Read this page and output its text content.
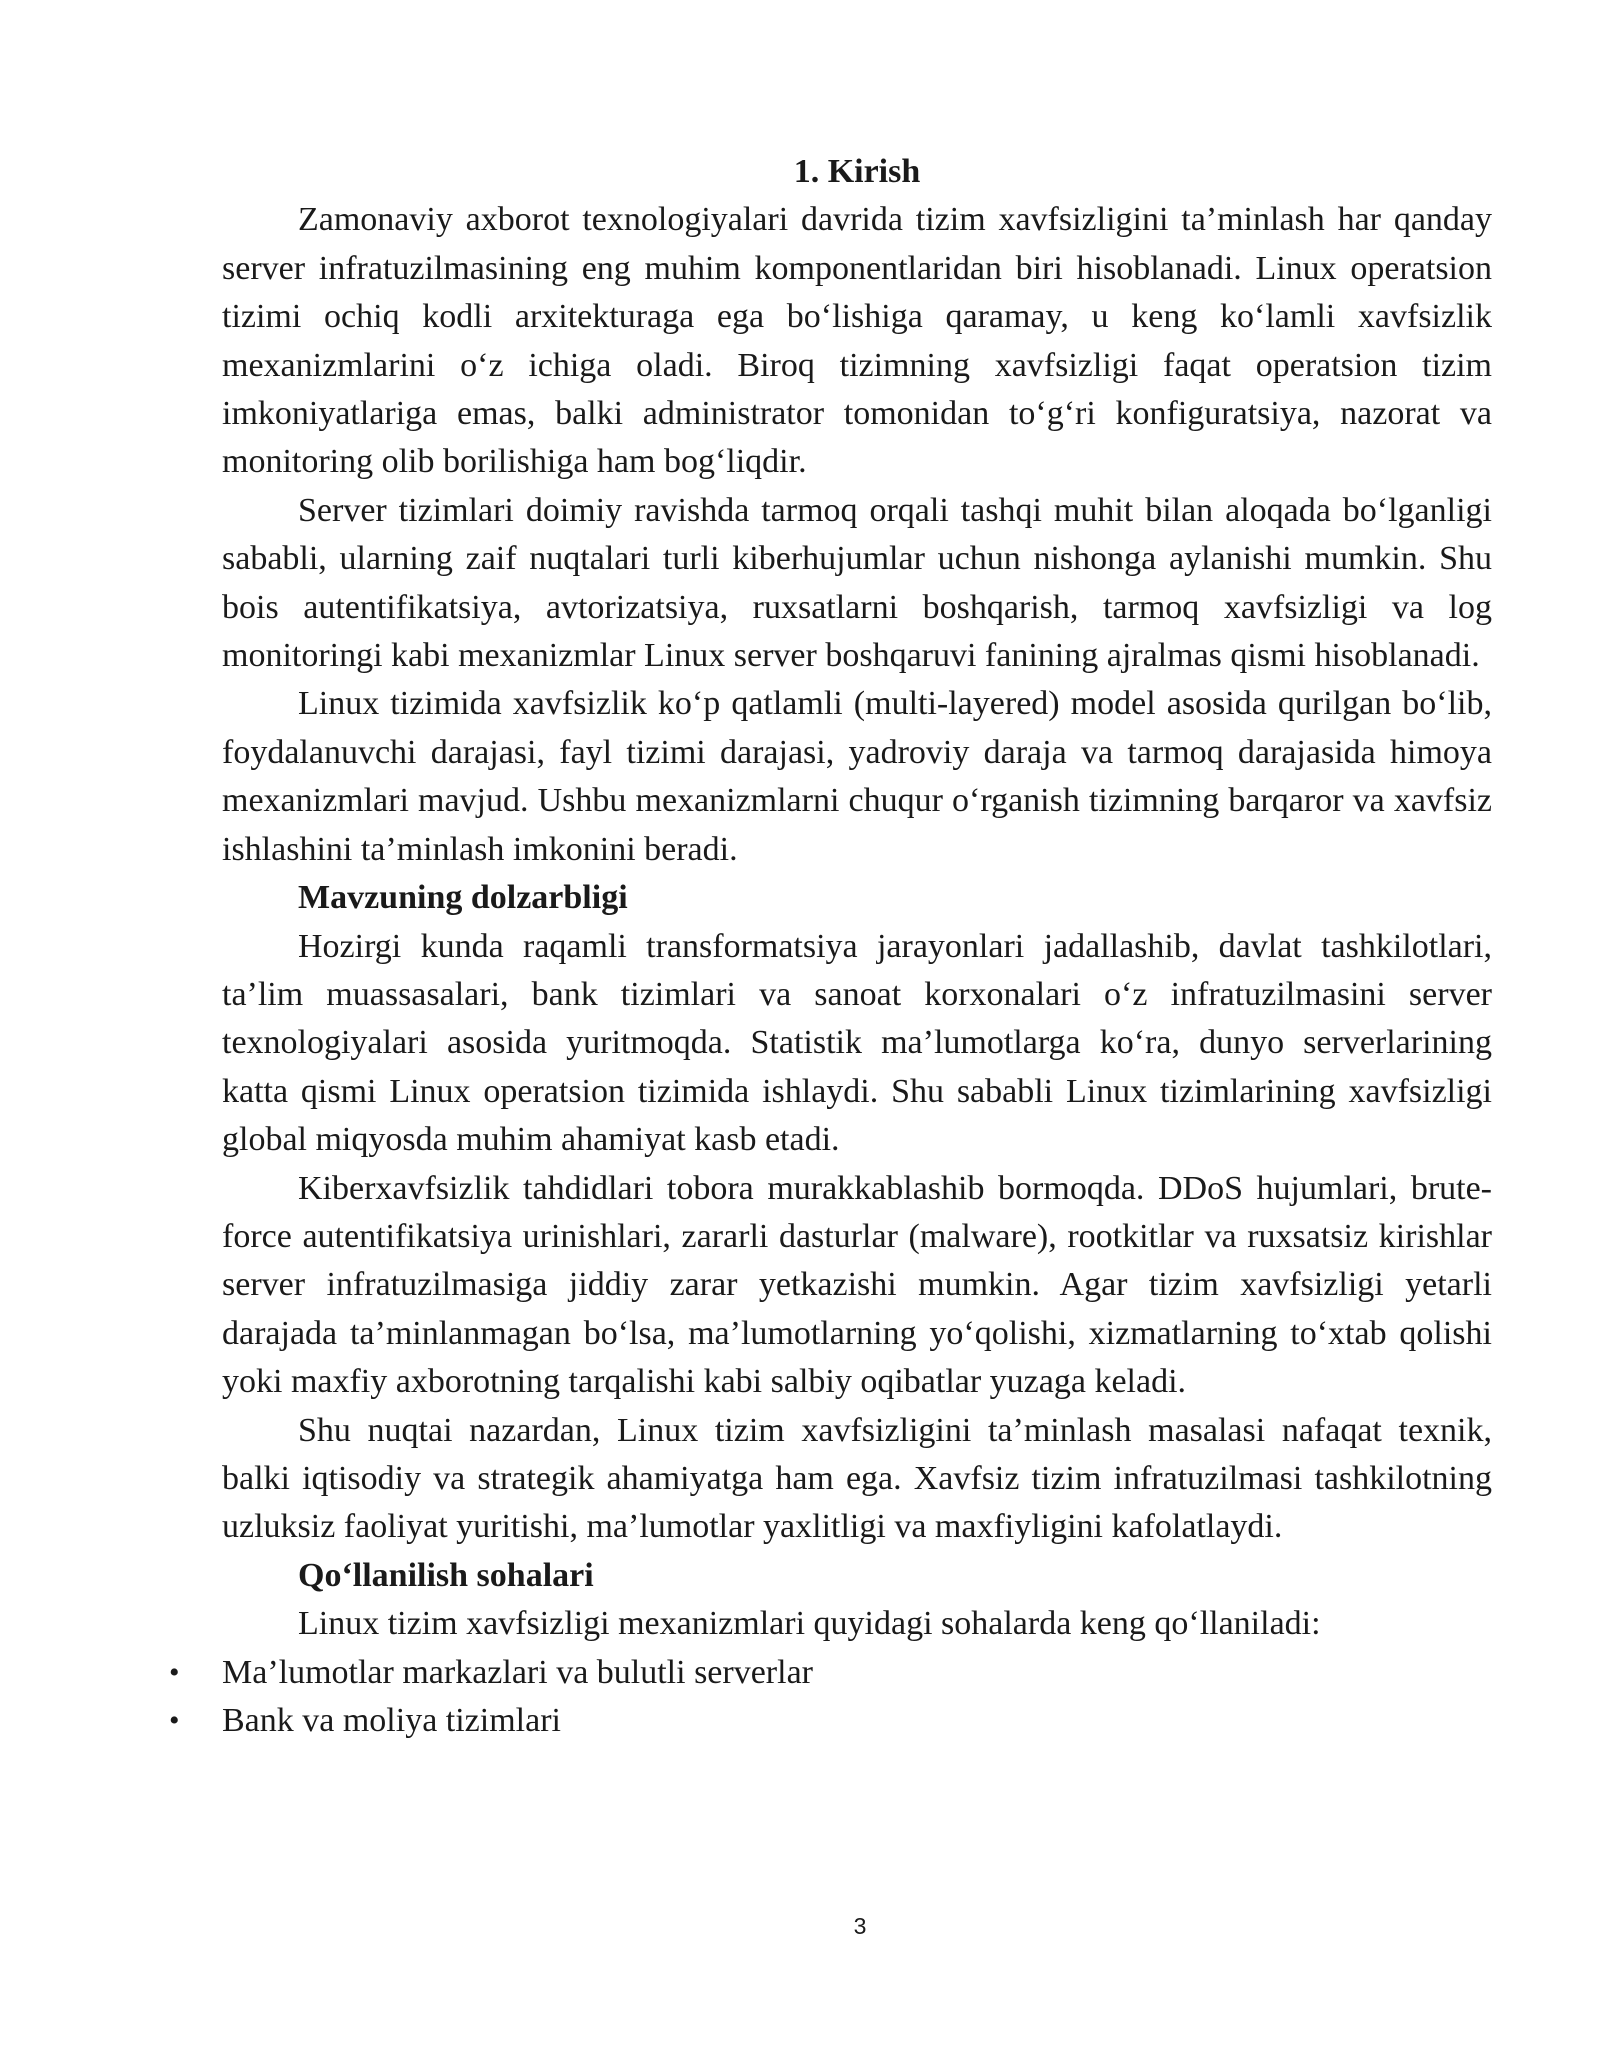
1. Kirish

Zamonaviy axborot texnologiyalari davrida tizim xavfsizligini ta’minlash har qanday server infratuzilmasining eng muhim komponentlaridan biri hisoblanadi. Linux operatsion tizimi ochiq kodli arxitekturaga ega bo‘lishiga qaramay, u keng ko‘lamli xavfsizlik mexanizmlarini o‘z ichiga oladi. Biroq tizimning xavfsizligi faqat operatsion tizim imkoniyatlariga emas, balki administrator tomonidan to‘g‘ri konfiguratsiya, nazorat va monitoring olib borilishiga ham bog‘liqdir.

Server tizimlari doimiy ravishda tarmoq orqali tashqi muhit bilan aloqada bo‘lganligi sababli, ularning zaif nuqtalari turli kiberhujumlar uchun nishonga aylanishi mumkin. Shu bois autentifikatsiya, avtorizatsiya, ruxsatlarni boshqarish, tarmoq xavfsizligi va log monitoringi kabi mexanizmlar Linux server boshqaruvi fanining ajralmas qismi hisoblanadi.

Linux tizimida xavfsizlik ko‘p qatlamli (multi-layered) model asosida qurilgan bo‘lib, foydalanuvchi darajasi, fayl tizimi darajasi, yadroviy daraja va tarmoq darajasida himoya mexanizmlari mavjud. Ushbu mexanizmlarni chuqur o‘rganish tizimning barqaror va xavfsiz ishlashini ta’minlash imkonini beradi.

Mavzuning dolzarbligi

Hozirgi kunda raqamli transformatsiya jarayonlari jadallashib, davlat tashkilotlari, ta’lim muassasalari, bank tizimlari va sanoat korxonalari o‘z infratuzilmasini server texnologiyalari asosida yuritmoqda. Statistik ma’lumotlarga ko‘ra, dunyo serverlarining katta qismi Linux operatsion tizimida ishlaydi. Shu sababli Linux tizimlarining xavfsizligi global miqyosda muhim ahamiyat kasb etadi.

Kiberxavfsizlik tahdidlari tobora murakkablashib bormoqda. DDoS hujumlari, brute-force autentifikatsiya urinishlari, zararli dasturlar (malware), rootkitlar va ruxsatsiz kirishlar server infratuzilmasiga jiddiy zarar yetkazishi mumkin. Agar tizim xavfsizligi yetarli darajada ta’minlanmagan bo‘lsa, ma’lumotlarning yo‘qolishi, xizmatlarning to‘xtab qolishi yoki maxfiy axborotning tarqalishi kabi salbiy oqibatlar yuzaga keladi.

Shu nuqtai nazardan, Linux tizim xavfsizligini ta’minlash masalasi nafaqat texnik, balki iqtisodiy va strategik ahamiyatga ham ega. Xavfsiz tizim infratuzilmasi tashkilotning uzluksiz faoliyat yuritishi, ma’lumotlar yaxlitligi va maxfiyligini kafolatlaydi.

Qo‘llanilish sohalari

Linux tizim xavfsizligi mexanizmlari quyidagi sohalarda keng qo‘llaniladi:

• Ma’lumotlar markazlari va bulutli serverlar
• Bank va moliya tizimlari
3
